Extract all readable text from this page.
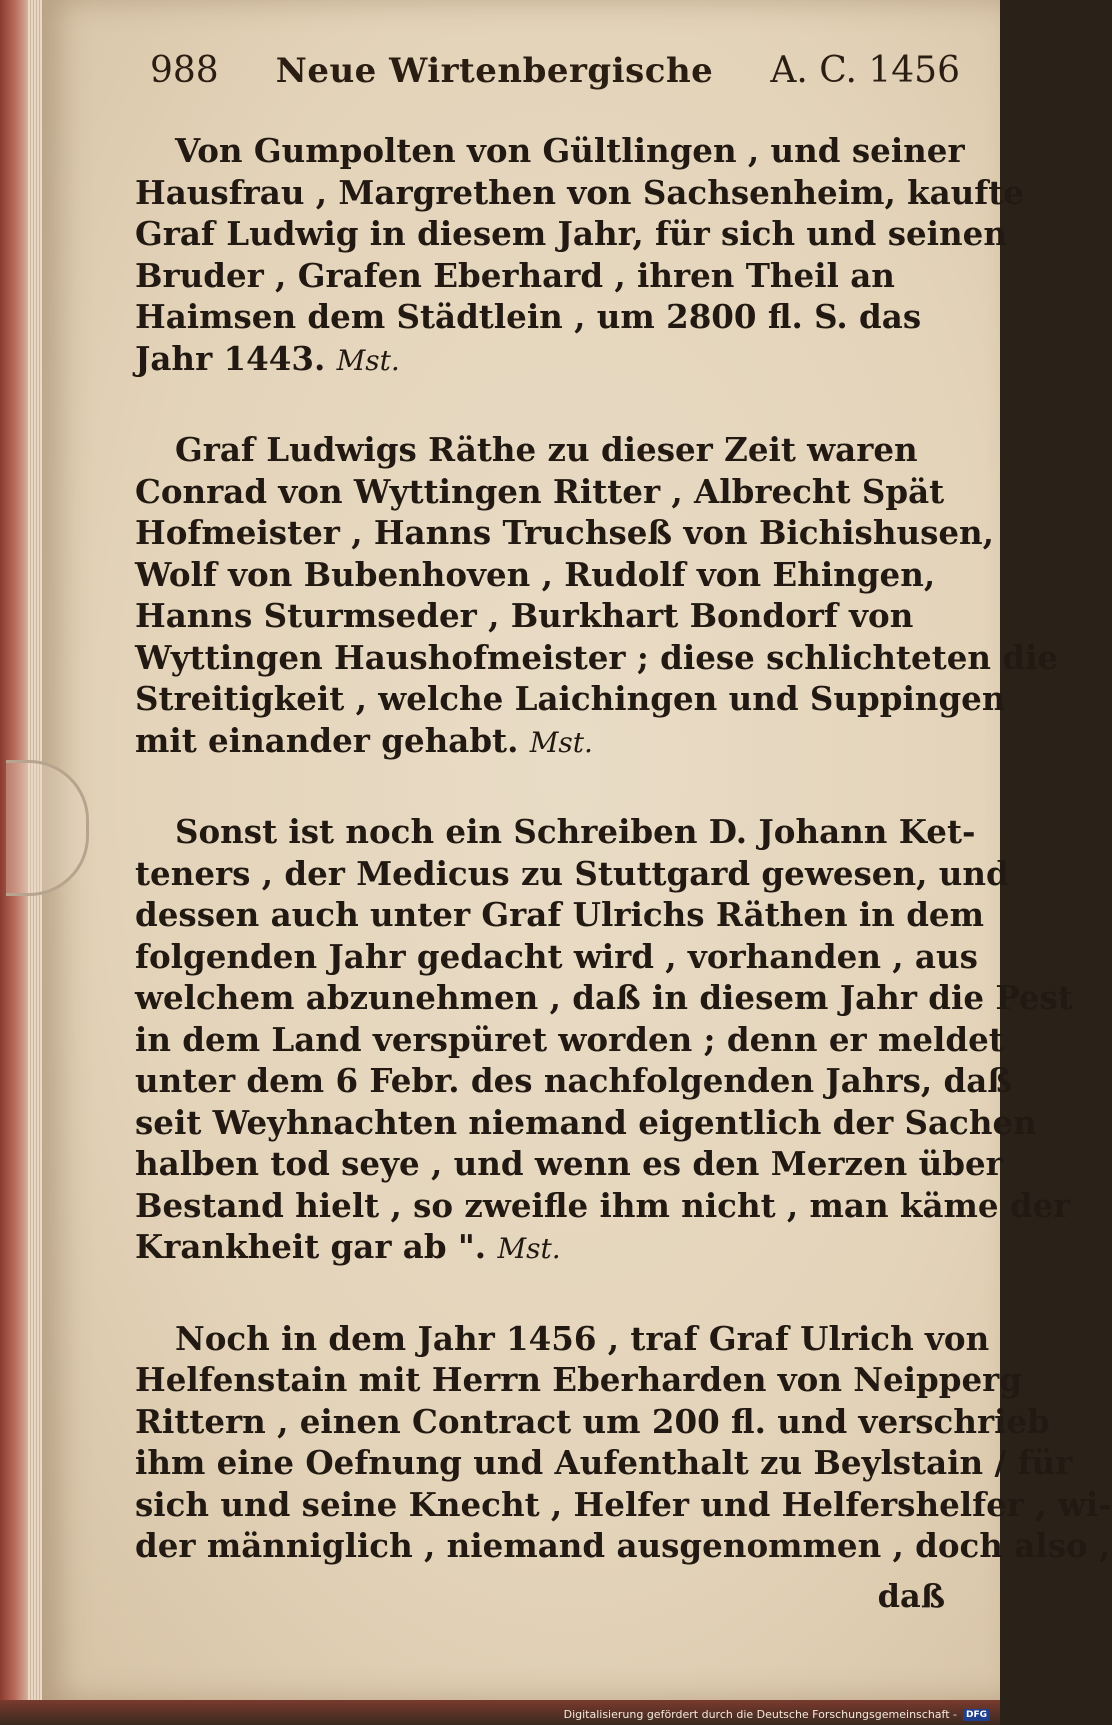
988 Neue Wirtenbergische A. C. 1456
Von Gumpolten von Gültlingen , und seiner
Hausfrau , Margrethen von Sachsenheim, kaufte
Graf Ludwig in diesem Jahr, für sich und seinen
Bruder , Grafen Eberhard , ihren Theil an
Haimsen dem Städtlein , um 2800 fl. S. das
Jahr 1443. Mst.
Graf Ludwigs Räthe zu dieser Zeit waren
Conrad von Wyttingen Ritter , Albrecht Spät
Hofmeister , Hanns Truchseß von Bichishusen,
Wolf von Bubenhoven , Rudolf von Ehingen,
Hanns Sturmseder , Burkhart Bondorf von
Wyttingen Haushofmeister ; diese schlichteten die
Streitigkeit , welche Laichingen und Suppingen
mit einander gehabt. Mst.
Sonst ist noch ein Schreiben D. Johann Ket-
teners , der Medicus zu Stuttgard gewesen, und
dessen auch unter Graf Ulrichs Räthen in dem
folgenden Jahr gedacht wird , vorhanden , aus
welchem abzunehmen , daß in diesem Jahr die Pest
in dem Land verspüret worden ; denn er meldet
unter dem 6 Febr. des nachfolgenden Jahrs, daß
seit Weyhnachten niemand eigentlich der Sachen
halben tod seye , und wenn es den Merzen über
Bestand hielt , so zweifle ihm nicht , man käme der
Krankheit gar ab ". Mst.
Noch in dem Jahr 1456 , traf Graf Ulrich von
Helfenstain mit Herrn Eberharden von Neipperg
Rittern , einen Contract um 200 fl. und verschrieb
ihm eine Oefnung und Aufenthalt zu Beylstain / für
sich und seine Knecht , Helfer und Helfershelfer , wi-
der männiglich , niemand ausgenommen , doch also ,
daß
Digitalisierung gefördert durch die Deutsche Forschungsgemeinschaft -	DFG
